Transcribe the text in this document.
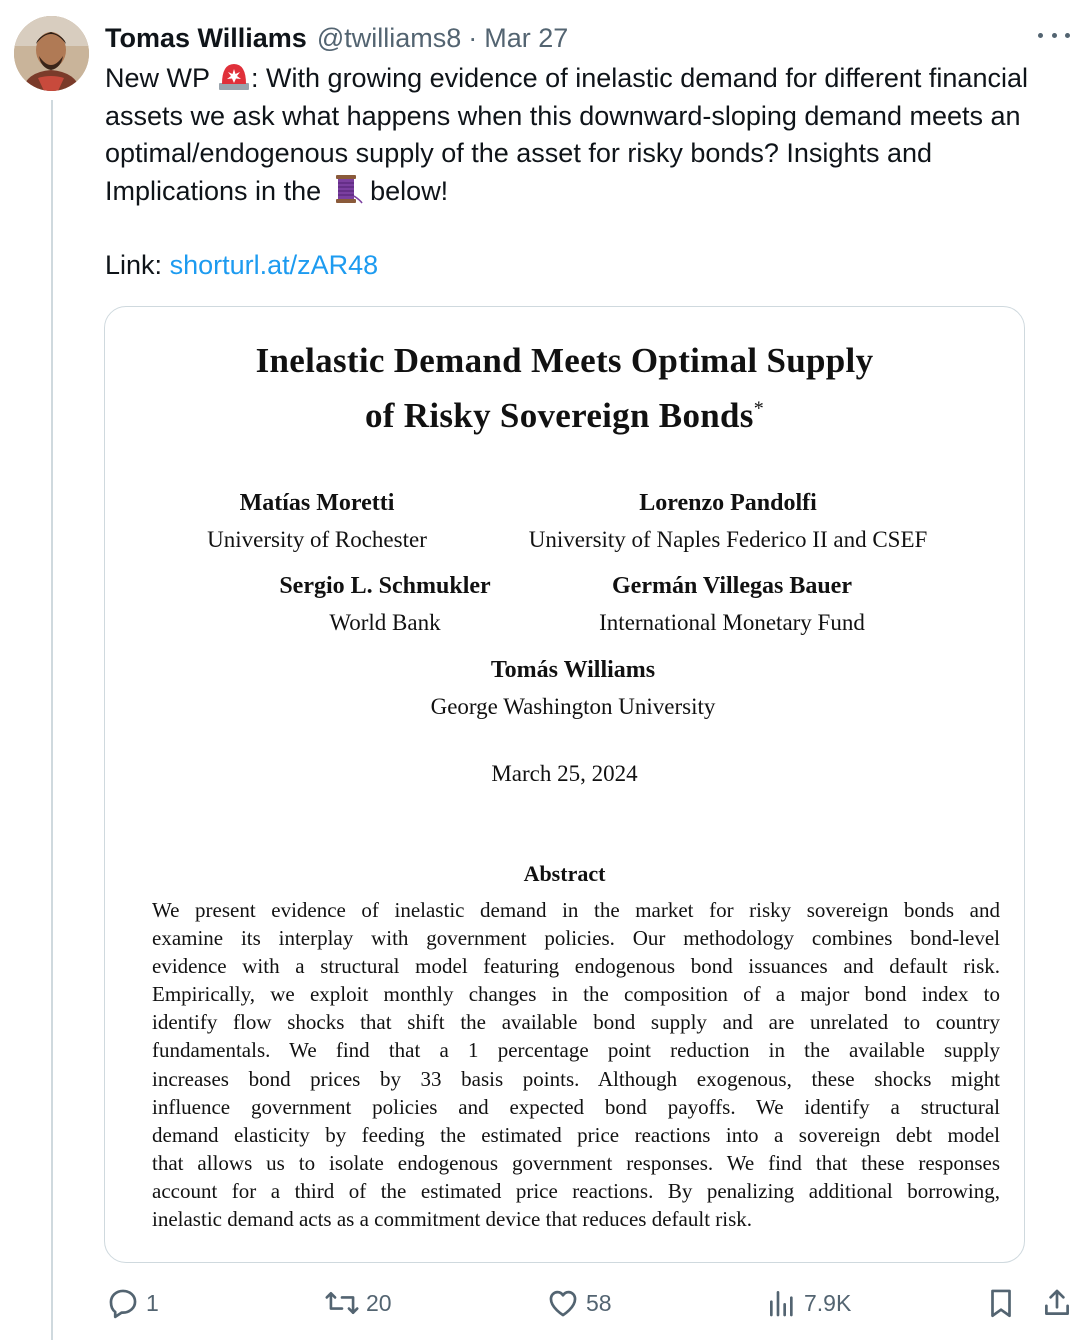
Tomas Williams @twilliams8 · Mar 27

New WP : With growing evidence of inelastic demand for different financial

assets we ask what happens when this downward-sloping demand meets an

optimal/endogenous supply of the asset for risky bonds? Insights and

Implications in the below!

Link: shorturl.at/zAR48
Inelastic Demand Meets Optimal Supply
of Risky Sovereign Bonds*
Matías Moretti
University of Rochester
Lorenzo Pandolfi
University of Naples Federico II and CSEF
Sergio L. Schmukler
World Bank
Germán Villegas Bauer
International Monetary Fund
Tomás Williams
George Washington University
March 25, 2024
Abstract
We present evidence of inelastic demand in the market for risky sovereign bonds and
examine its interplay with government policies. Our methodology combines bond-level
evidence with a structural model featuring endogenous bond issuances and default risk.
Empirically, we exploit monthly changes in the composition of a major bond index to
identify flow shocks that shift the available bond supply and are unrelated to country
fundamentals. We find that a 1 percentage point reduction in the available supply
increases bond prices by 33 basis points. Although exogenous, these shocks might
influence government policies and expected bond payoffs. We identify a structural
demand elasticity by feeding the estimated price reactions into a sovereign debt model
that allows us to isolate endogenous government responses. We find that these responses
account for a third of the estimated price reactions. By penalizing additional borrowing,
inelastic demand acts as a commitment device that reduces default risk.
1	20	58	7.9K
